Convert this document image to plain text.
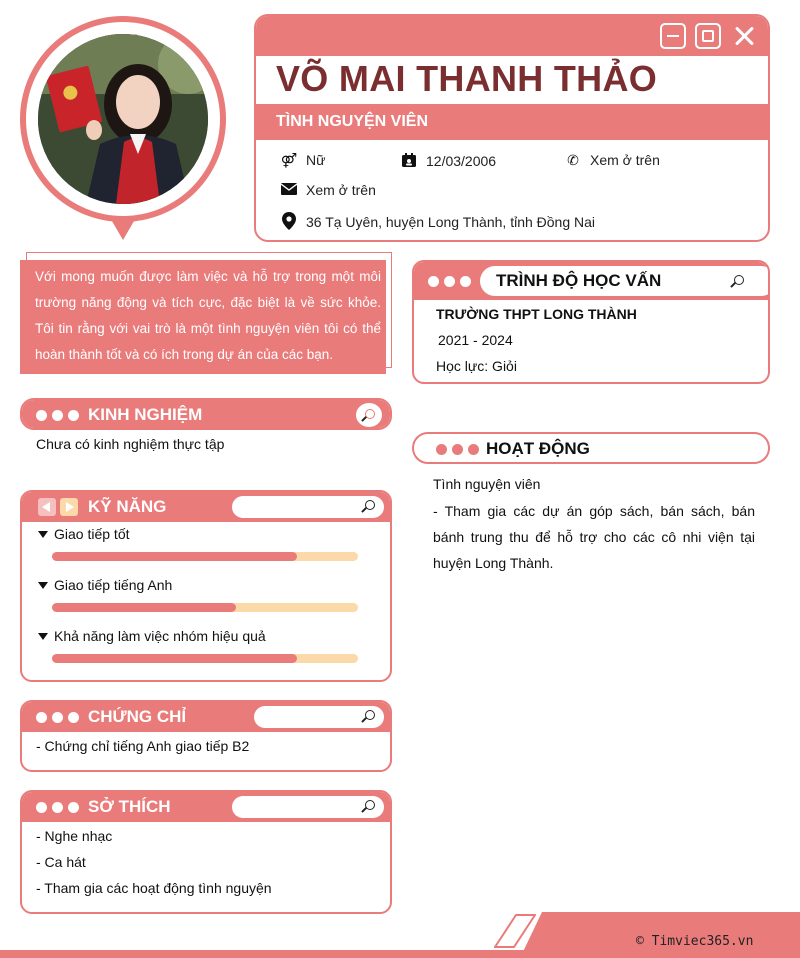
VÕ MAI THANH THẢO
TÌNH NGUYỆN VIÊN
⚤ Nữ	12/03/2006	✆ Xem ở trên
Xem ở trên
36 Tạ Uyên, huyện Long Thành, tỉnh Đồng Nai
Với mong muốn được làm việc và hỗ trợ trong một môi trường năng động và tích cực, đặc biệt là về sức khỏe. Tôi tin rằng với vai trò là một tình nguyện viên tôi có thể hoàn thành tốt và có ích trong dự án của các bạn.
KINH NGHIỆM
Chưa có kinh nghiệm thực tập
KỸ NĂNG
Giao tiếp tốt
Giao tiếp tiếng Anh
Khả năng làm việc nhóm hiệu quả
CHỨNG CHỈ
- Chứng chỉ tiếng Anh giao tiếp B2
SỞ THÍCH
- Nghe nhạc
- Ca hát
- Tham gia các hoạt động tình nguyện
TRÌNH ĐỘ HỌC VẤN
TRƯỜNG THPT LONG THÀNH
2021 - 2024
Học lực: Giỏi
HOẠT ĐỘNG
Tình nguyện viên
- Tham gia các dự án góp sách, bán sách, bán bánh trung thu để hỗ trợ cho các cô nhi viện tại huyện Long Thành.
© Timviec365.vn
